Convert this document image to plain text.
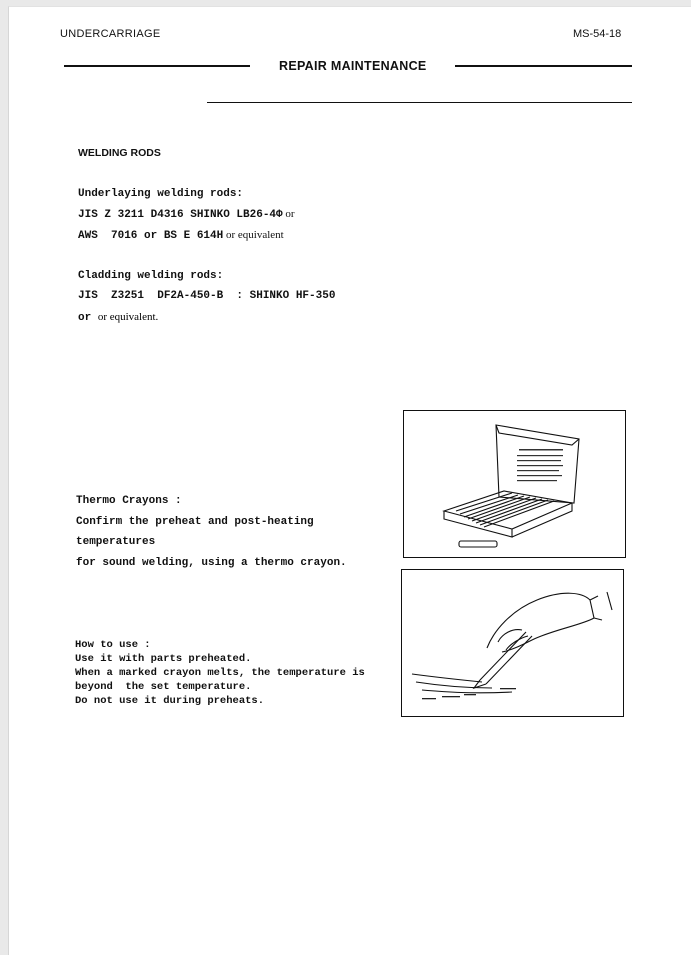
UNDERCARRIAGE	MS-54-18

REPAIR MAINTENANCE

WELDING RODS

Underlaying welding rods:

JIS Z 3211 D4316 SHINKO LB26-4Φ or

AWS  7016 or BS E 614H or equivalent

Cladding welding rods:

JIS  Z3251  DF2A-450-B  : SHINKO HF-350

or or equivalent.

Thermo Crayons :

Confirm the preheat and post-heating

temperatures

for sound welding, using a thermo crayon.

How to use :

Use it with parts preheated.

When a marked crayon melts, the temperature is

beyond  the set temperature.

Do not use it during preheats.
